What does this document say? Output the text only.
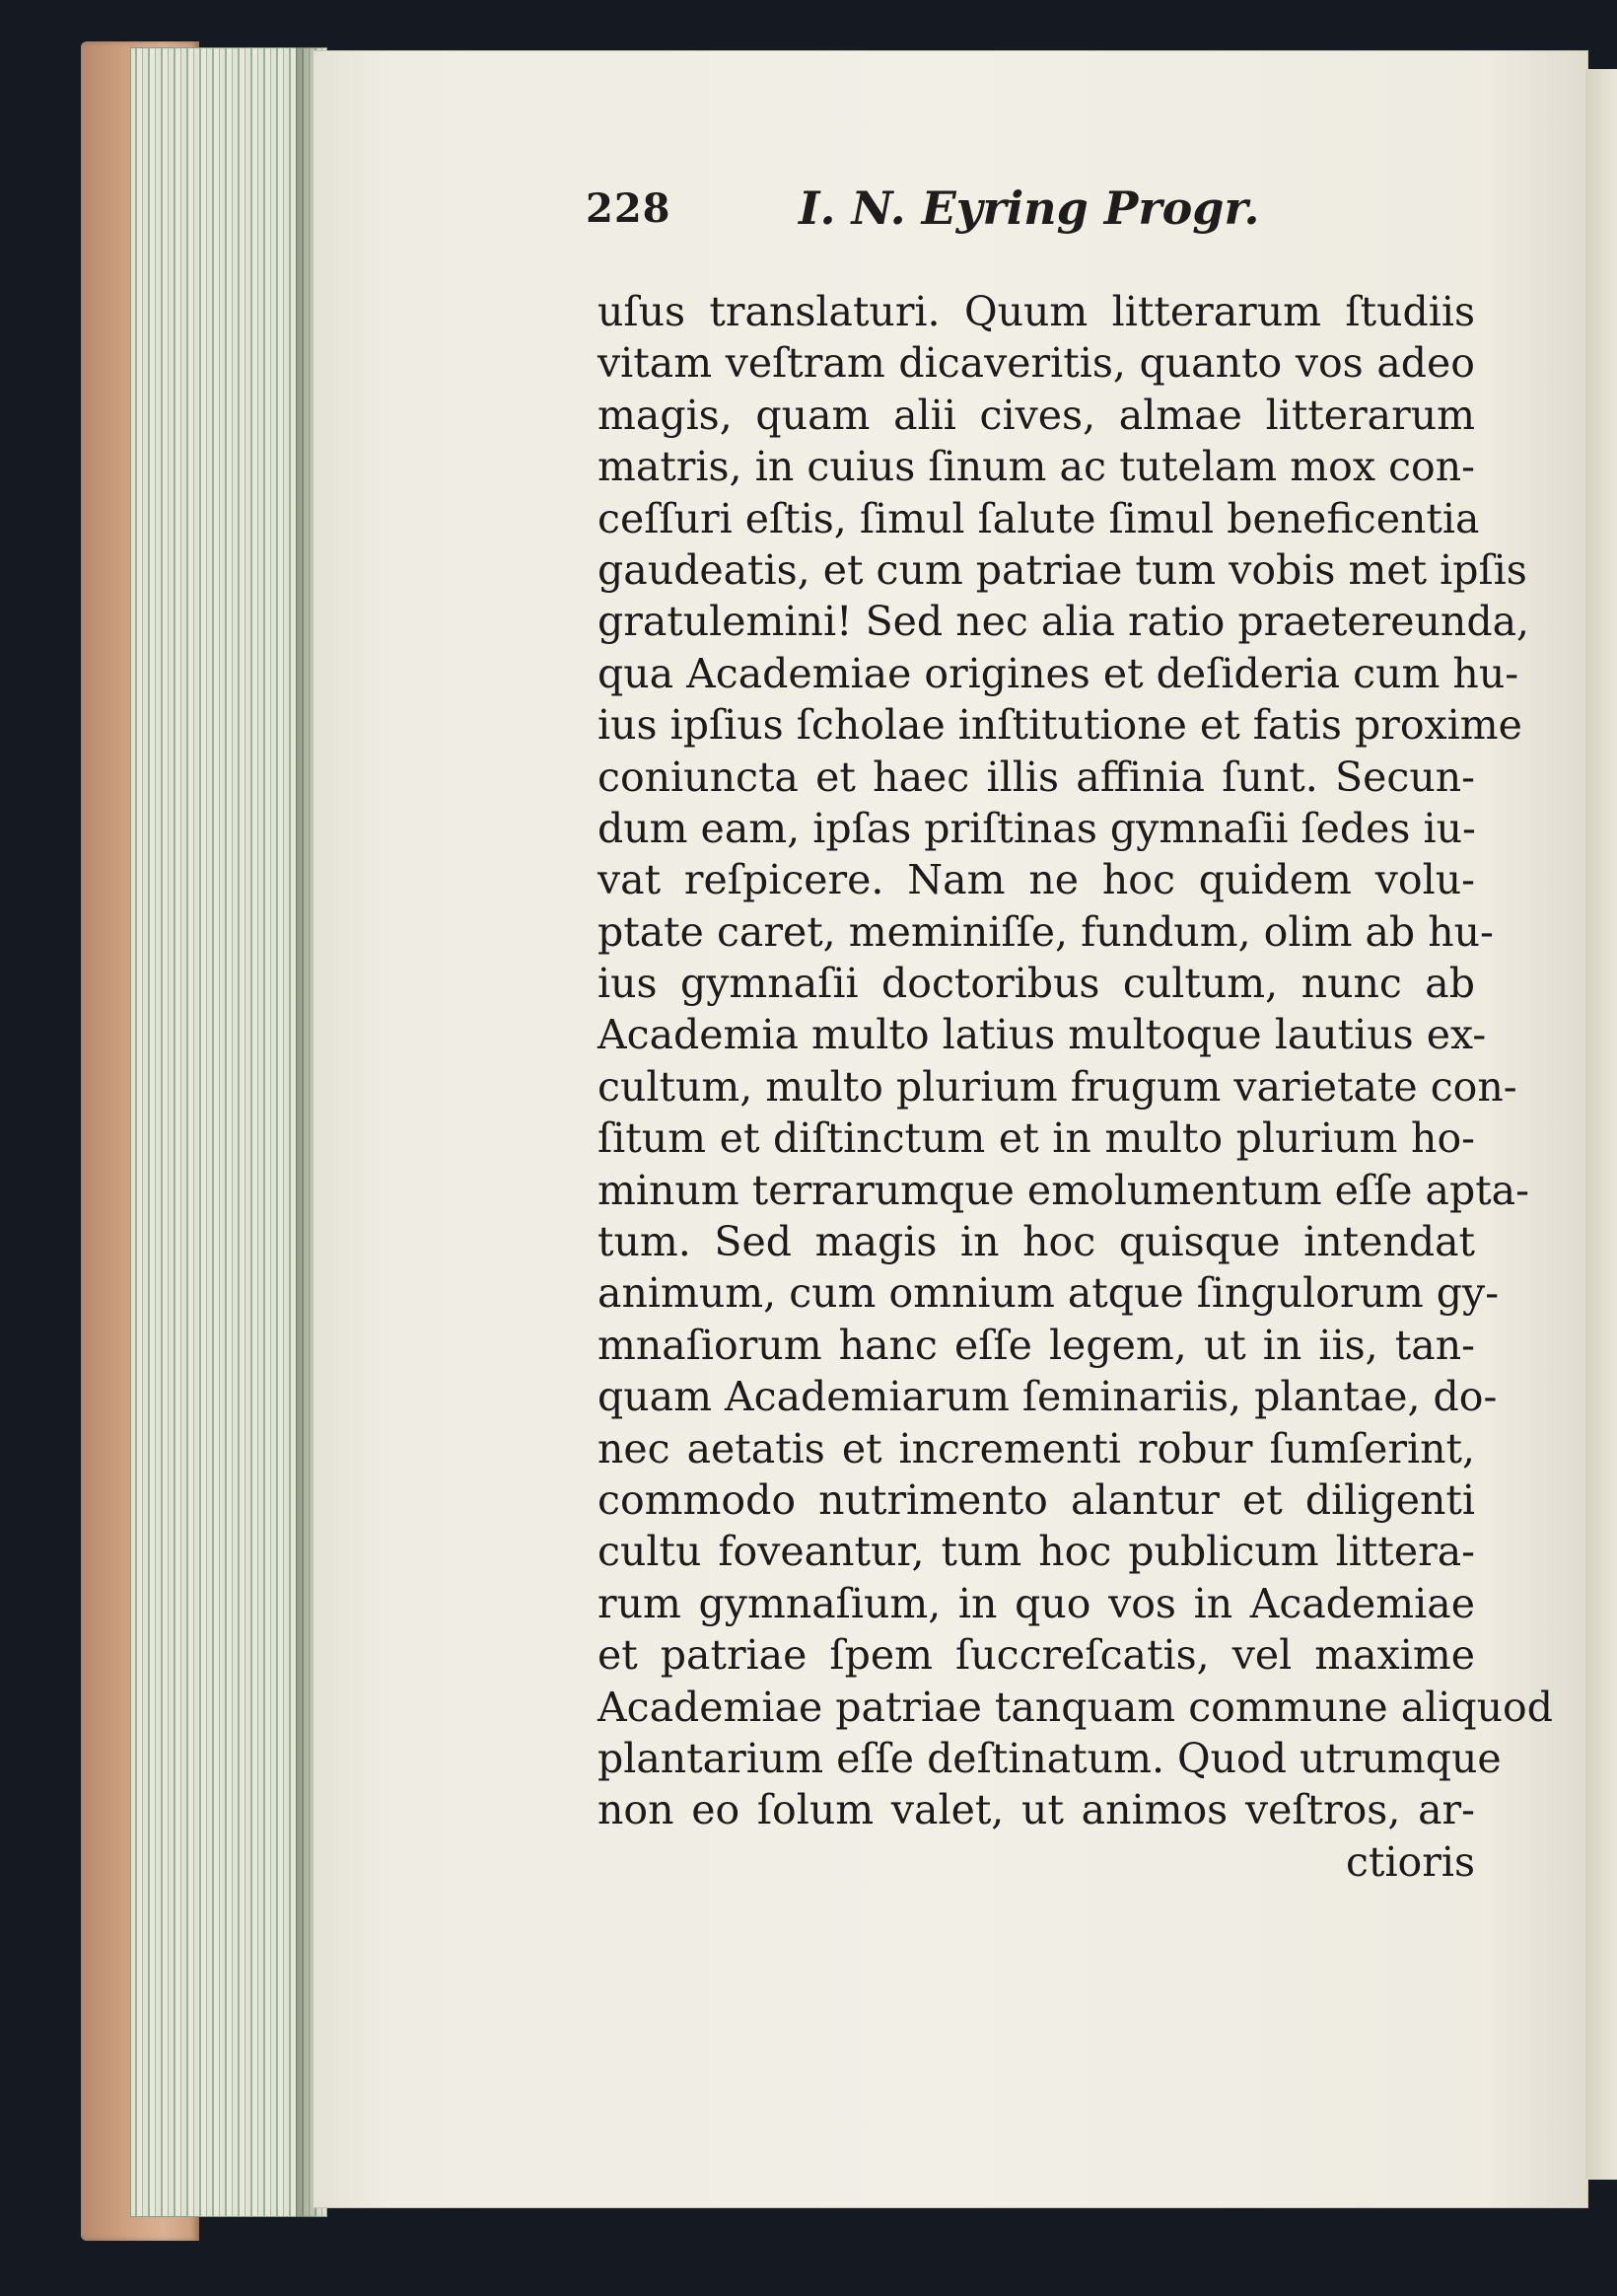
228	I. N. Eyring Progr.
uſus translaturi. Quum litterarum ſtudiis
vitam veſtram dicaveritis, quanto vos adeo
magis, quam alii cives, almae litterarum
matris, in cuius ſinum ac tutelam mox con-
ceſſuri eſtis, ſimul ſalute ſimul beneficentia
gaudeatis, et cum patriae tum vobis met ipſis
gratulemini! Sed nec alia ratio praetereunda,
qua Academiae origines et deſideria cum hu-
ius ipſius ſcholae inſtitutione et fatis proxime
coniuncta et haec illis affinia ſunt. Secun-
dum eam, ipſas priſtinas gymnaſii ſedes iu-
vat reſpicere. Nam ne hoc quidem volu-
ptate caret, meminiſſe, fundum, olim ab hu-
ius gymnaſii doctoribus cultum, nunc ab
Academia multo latius multoque lautius ex-
cultum, multo plurium frugum varietate con-
ſitum et diſtinctum et in multo plurium ho-
minum terrarumque emolumentum eſſe apta-
tum. Sed magis in hoc quisque intendat
animum, cum omnium atque ſingulorum gy-
mnaſiorum hanc eſſe legem, ut in iis, tan-
quam Academiarum ſeminariis, plantae, do-
nec aetatis et incrementi robur ſumſerint,
commodo nutrimento alantur et diligenti
cultu foveantur, tum hoc publicum littera-
rum gymnaſium, in quo vos in Academiae
et patriae ſpem ſuccreſcatis, vel maxime
Academiae patriae tanquam commune aliquod
plantarium eſſe deſtinatum. Quod utrumque
non eo ſolum valet, ut animos veſtros, ar-
ctioris
